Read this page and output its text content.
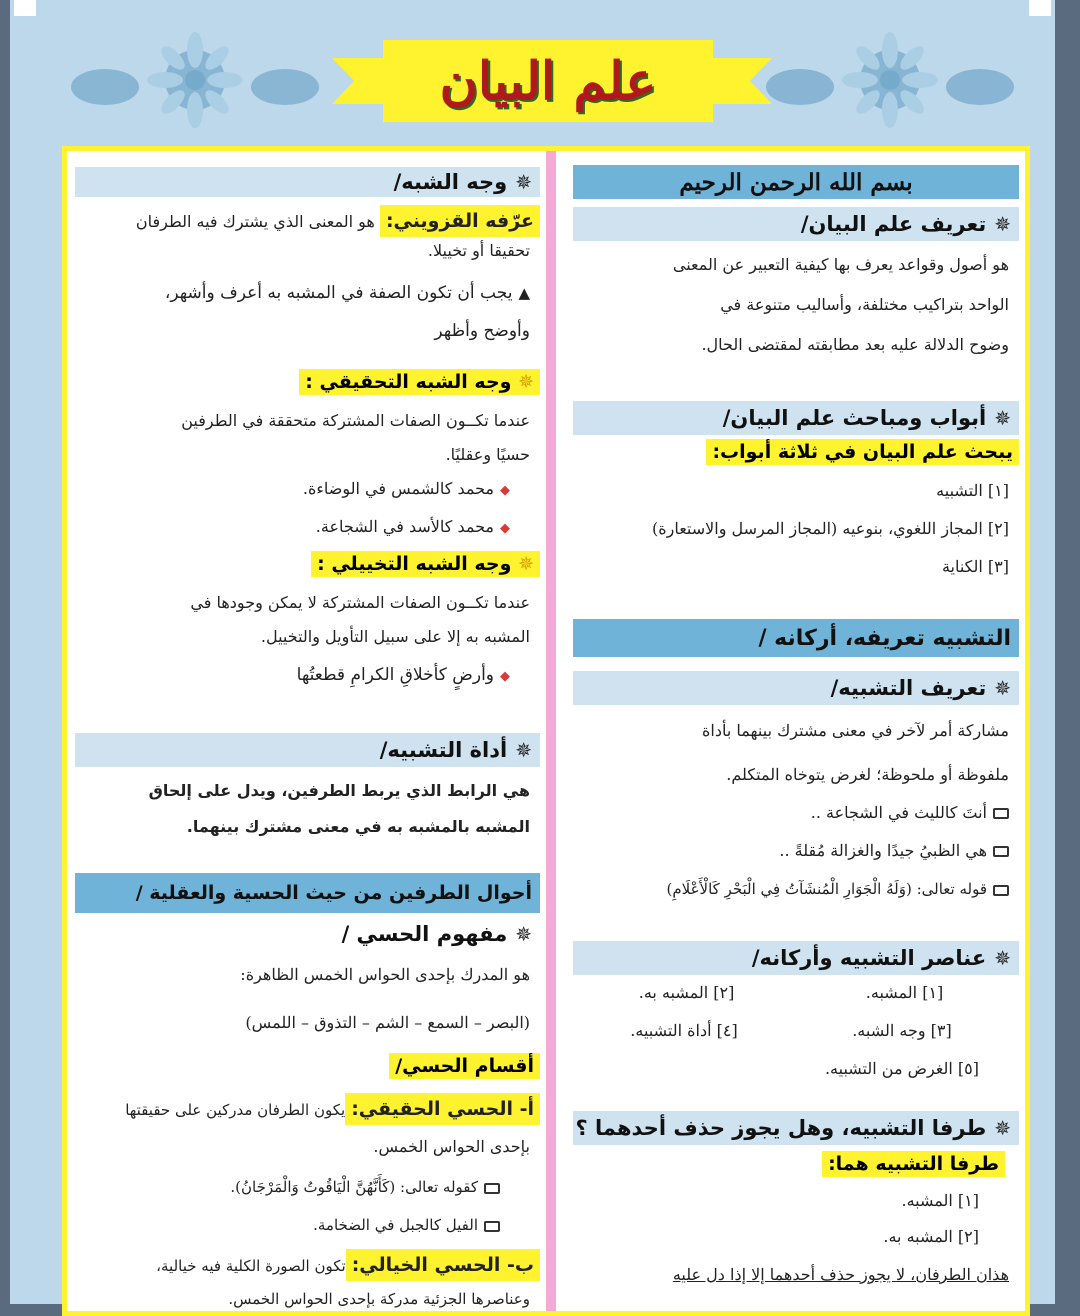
علم البيان
بسم الله الرحمن الرحيم
✵
تعريف علم البيان/
هو أصول وقواعد يعرف بها كيفية التعبير عن المعنى
الواحد بتراكيب مختلفة، وأساليب متنوعة في
وضوح الدلالة عليه بعد مطابقته لمقتضى الحال.
✵
أبواب ومباحث علم البيان/
يبحث علم البيان في ثلاثة أبواب:
[١] التشبيه
[٢] المجاز اللغوي، بنوعيه (المجاز المرسل والاستعارة)
[٣] الكناية
التشبيه تعريفه، أركانه /
✵
تعريف التشبيه/
مشاركة أمر لآخر في معنى مشترك بينهما بأداة
ملفوظة أو ملحوظة؛ لغرض يتوخاه المتكلم.
أنتَ كالليث في الشجاعة ..
هي الظبيُ جيدًا والغزالة مُقلةً ..
قوله تعالى: (وَلَهُ الْجَوَارِ الْمُنشَآتُ فِي الْبَحْرِ كَالْأَعْلَامِ)
✵
عناصر التشبيه وأركانه/
[١] المشبه.
[٢] المشبه به.
[٣] وجه الشبه.
[٤] أداة التشبيه.
[٥] الغرض من التشبيه.
✵
طرفا التشبيه، وهل يجوز حذف أحدهما ؟
طرفا التشبيه هما:
[١] المشبه.
[٢] المشبه به.
هذان الطرفان، لا يجوز حذف أحدهما إلا إذا دل عليه
✵
وجه الشبه/
عرّفه القزويني: هو المعنى الذي يشترك فيه الطرفان
تحقيقا أو تخييلا.
▲يجب أن تكون الصفة في المشبه به أعرف وأشهر،
وأوضح وأظهر
✵ وجه الشبه التحقيقي :
عندما تكــون الصفات المشتركة متحققة في الطرفين
حسيًا وعقليًا.
◆محمد كالشمس في الوضاءة.
◆محمد كالأسد في الشجاعة.
✵ وجه الشبه التخييلي :
عندما تكــون الصفات المشتركة لا يمكن وجودها في
المشبه به إلا على سبيل التأويل والتخييل.
◆وأرضٍ كأخلاقِ الكرامِ قطعتُها
✵
أداة التشبيه/
هي الرابط الذي يربط الطرفين، ويدل على إلحاق
المشبه بالمشبه به في معنى مشترك بينهما.
أحوال الطرفين من حيث الحسية والعقلية /
✵
مفهوم الحسي /
هو المدرك بإحدى الحواس الخمس الظاهرة:
(البصر – السمع – الشم – التذوق – اللمس)
أقسام الحسي/
أ- الحسي الحقيقي:يكون الطرفان مدركين على حقيقتها
بإحدى الحواس الخمس.
كقوله تعالى: (كَأَنَّهُنَّ الْيَاقُوتُ وَالْمَرْجَانُ).
الفيل كالجبل في الضخامة.
ب- الحسي الخيالي:تكون الصورة الكلية فيه خيالية،
وعناصرها الجزئية مدركة بإحدى الحواس الخمس.
